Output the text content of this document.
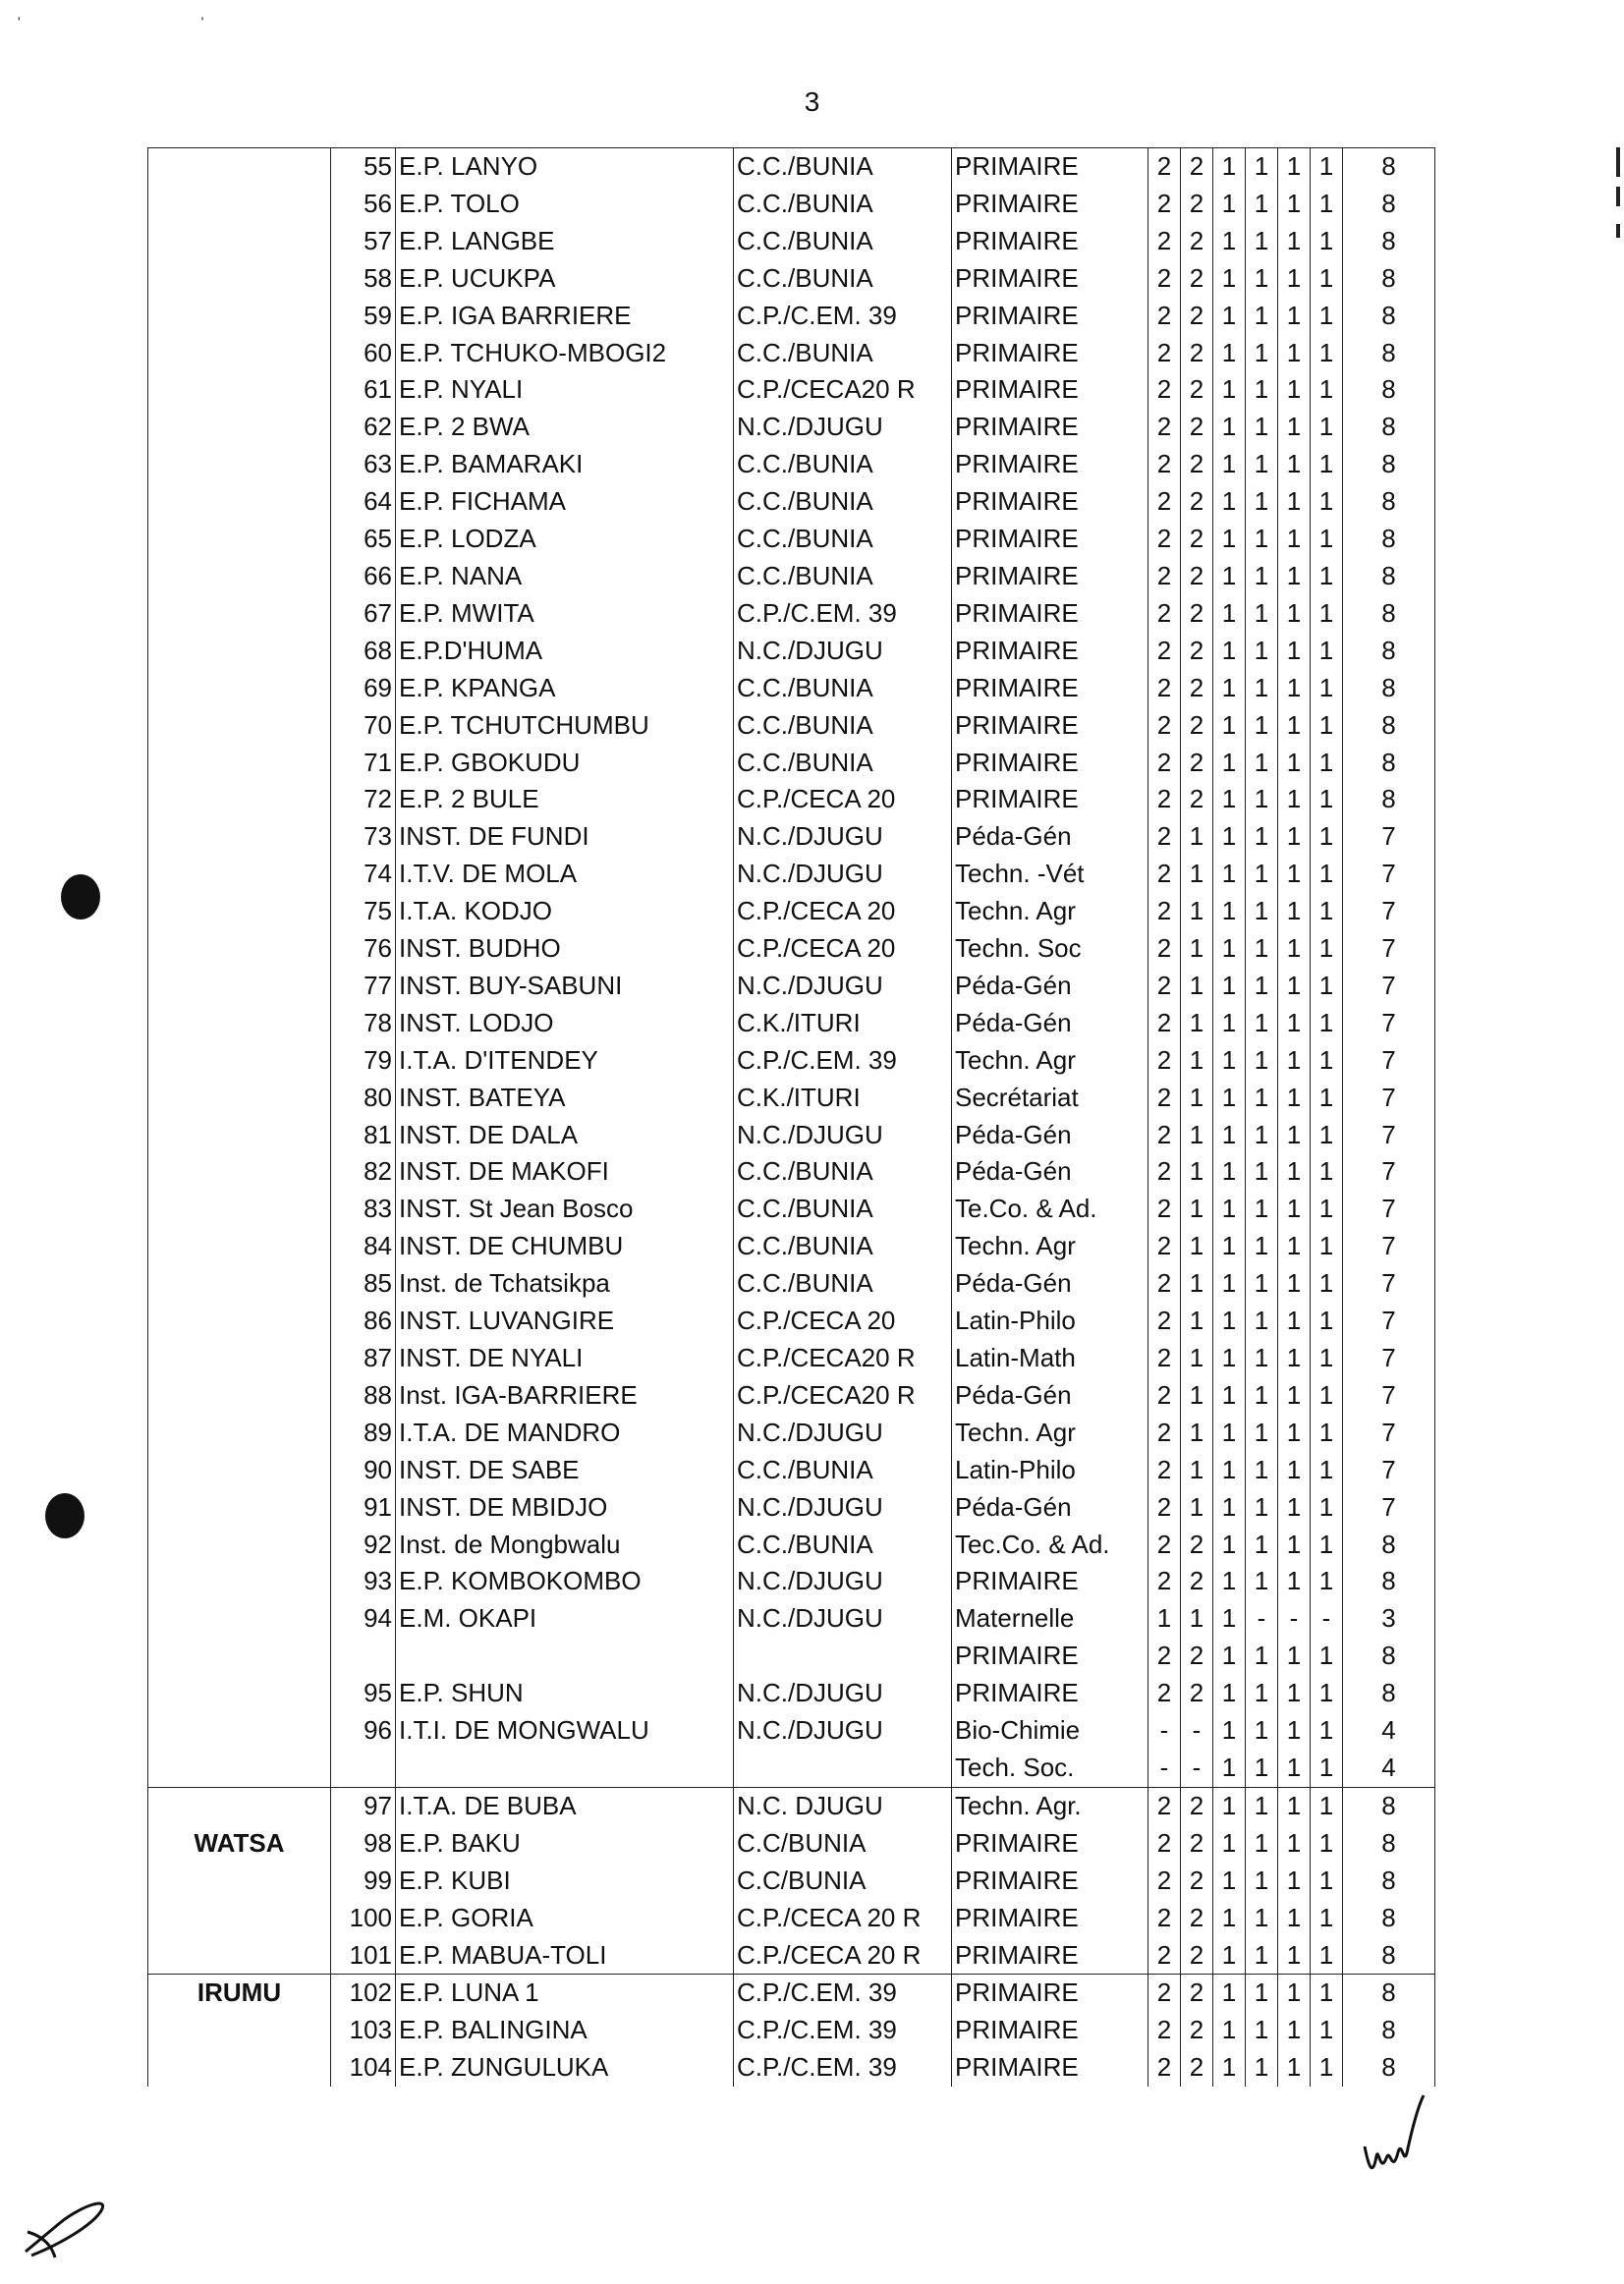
' '
3
	55	E.P. LANYO	C.C./BUNIA	PRIMAIRE	2	2	1	1	1	1	8
	56	E.P. TOLO	C.C./BUNIA	PRIMAIRE	2	2	1	1	1	1	8
	57	E.P. LANGBE	C.C./BUNIA	PRIMAIRE	2	2	1	1	1	1	8
	58	E.P. UCUKPA	C.C./BUNIA	PRIMAIRE	2	2	1	1	1	1	8
	59	E.P. IGA BARRIERE	C.P./C.EM. 39	PRIMAIRE	2	2	1	1	1	1	8
	60	E.P. TCHUKO-MBOGI2	C.C./BUNIA	PRIMAIRE	2	2	1	1	1	1	8
	61	E.P. NYALI	C.P./CECA20 R	PRIMAIRE	2	2	1	1	1	1	8
	62	E.P. 2 BWA	N.C./DJUGU	PRIMAIRE	2	2	1	1	1	1	8
	63	E.P. BAMARAKI	C.C./BUNIA	PRIMAIRE	2	2	1	1	1	1	8
	64	E.P. FICHAMA	C.C./BUNIA	PRIMAIRE	2	2	1	1	1	1	8
	65	E.P. LODZA	C.C./BUNIA	PRIMAIRE	2	2	1	1	1	1	8
	66	E.P. NANA	C.C./BUNIA	PRIMAIRE	2	2	1	1	1	1	8
	67	E.P. MWITA	C.P./C.EM. 39	PRIMAIRE	2	2	1	1	1	1	8
	68	E.P.D'HUMA	N.C./DJUGU	PRIMAIRE	2	2	1	1	1	1	8
	69	E.P. KPANGA	C.C./BUNIA	PRIMAIRE	2	2	1	1	1	1	8
	70	E.P. TCHUTCHUMBU	C.C./BUNIA	PRIMAIRE	2	2	1	1	1	1	8
	71	E.P. GBOKUDU	C.C./BUNIA	PRIMAIRE	2	2	1	1	1	1	8
	72	E.P. 2 BULE	C.P./CECA 20	PRIMAIRE	2	2	1	1	1	1	8
	73	INST. DE FUNDI	N.C./DJUGU	Péda-Gén	2	1	1	1	1	1	7
	74	I.T.V. DE MOLA	N.C./DJUGU	Techn. -Vét	2	1	1	1	1	1	7
	75	I.T.A. KODJO	C.P./CECA 20	Techn. Agr	2	1	1	1	1	1	7
	76	INST. BUDHO	C.P./CECA 20	Techn. Soc	2	1	1	1	1	1	7
	77	INST. BUY-SABUNI	N.C./DJUGU	Péda-Gén	2	1	1	1	1	1	7
	78	INST. LODJO	C.K./ITURI	Péda-Gén	2	1	1	1	1	1	7
	79	I.T.A. D'ITENDEY	C.P./C.EM. 39	Techn. Agr	2	1	1	1	1	1	7
	80	INST. BATEYA	C.K./ITURI	Secrétariat	2	1	1	1	1	1	7
	81	INST. DE DALA	N.C./DJUGU	Péda-Gén	2	1	1	1	1	1	7
	82	INST. DE MAKOFI	C.C./BUNIA	Péda-Gén	2	1	1	1	1	1	7
	83	INST. St Jean Bosco	C.C./BUNIA	Te.Co. & Ad.	2	1	1	1	1	1	7
	84	INST. DE CHUMBU	C.C./BUNIA	Techn. Agr	2	1	1	1	1	1	7
	85	Inst. de Tchatsikpa	C.C./BUNIA	Péda-Gén	2	1	1	1	1	1	7
	86	INST. LUVANGIRE	C.P./CECA 20	Latin-Philo	2	1	1	1	1	1	7
	87	INST. DE NYALI	C.P./CECA20 R	Latin-Math	2	1	1	1	1	1	7
	88	Inst. IGA-BARRIERE	C.P./CECA20 R	Péda-Gén	2	1	1	1	1	1	7
	89	I.T.A. DE MANDRO	N.C./DJUGU	Techn. Agr	2	1	1	1	1	1	7
	90	INST. DE SABE	C.C./BUNIA	Latin-Philo	2	1	1	1	1	1	7
	91	INST. DE MBIDJO	N.C./DJUGU	Péda-Gén	2	1	1	1	1	1	7
	92	Inst. de Mongbwalu	C.C./BUNIA	Tec.Co. & Ad.	2	2	1	1	1	1	8
	93	E.P. KOMBOKOMBO	N.C./DJUGU	PRIMAIRE	2	2	1	1	1	1	8
	94	E.M. OKAPI	N.C./DJUGU	Maternelle	1	1	1	-	-	-	3
				PRIMAIRE	2	2	1	1	1	1	8
	95	E.P. SHUN	N.C./DJUGU	PRIMAIRE	2	2	1	1	1	1	8
	96	I.T.I. DE MONGWALU	N.C./DJUGU	Bio-Chimie	-	-	1	1	1	1	4
				Tech. Soc.	-	-	1	1	1	1	4
	97	I.T.A. DE BUBA	N.C. DJUGU	Techn. Agr.	2	2	1	1	1	1	8
WATSA	98	E.P. BAKU	C.C/BUNIA	PRIMAIRE	2	2	1	1	1	1	8
	99	E.P. KUBI	C.C/BUNIA	PRIMAIRE	2	2	1	1	1	1	8
	100	E.P. GORIA	C.P./CECA 20 R	PRIMAIRE	2	2	1	1	1	1	8
	101	E.P. MABUA-TOLI	C.P./CECA 20 R	PRIMAIRE	2	2	1	1	1	1	8
IRUMU	102	E.P. LUNA 1	C.P./C.EM. 39	PRIMAIRE	2	2	1	1	1	1	8
	103	E.P. BALINGINA	C.P./C.EM. 39	PRIMAIRE	2	2	1	1	1	1	8
	104	E.P. ZUNGULUKA	C.P./C.EM. 39	PRIMAIRE	2	2	1	1	1	1	8
